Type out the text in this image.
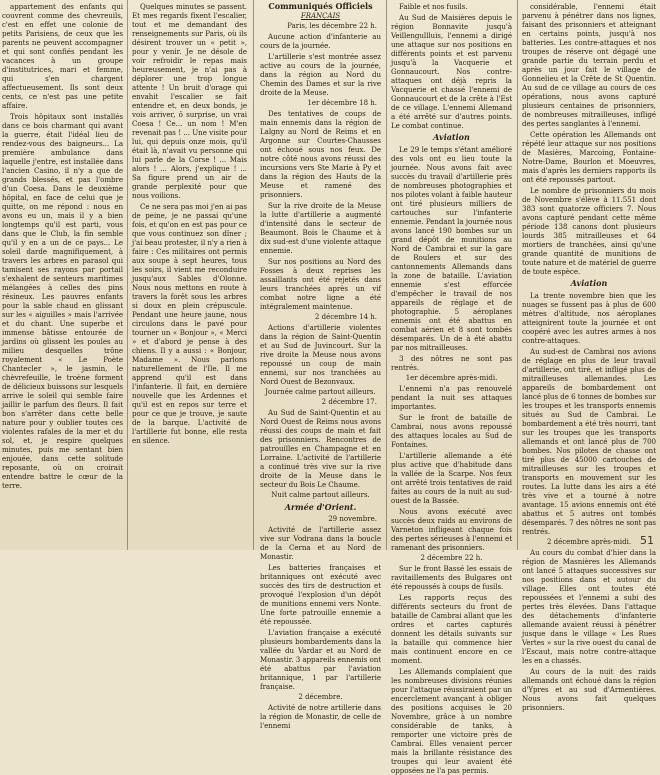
appartement des enfants qui couvrent comme des chevreuils, c'est en effet une colonie de petits Parisiens, de ceux que les parents ne peuvent accompagner et qui sont confiés pendant les vacances à un groupe d'institutrices, mari et femme, qui s'en chargent affectueusement. Ils sont deux cents, ce n'est pas une petite affaire.

Trois hôpitaux sont installés dans ce bois charmant qui avant la guerre, était l'idéal lieu de rendez-vous des baigneurs... La première ambulance dans laquelle j'entre, est installée dans l'ancien Casino, il n'y a que de grands blessés, et pas l'ombre d'un Coesa. Dans le deuxième hôpital, en face de celui que je quitte, on me répond : nous en avons eu un, mais il y a bien longtemps qu'il est parti, vous dans que le Club, la fin semble qu'il y en a un de ce pays... Le soleil darde magnifiquement, à travers les arbres en parasol qui tamisent ses rayons par portail s'exhalent de senteurs maritimes mélangées à celles des pins résineux. Les pauvres enfants pour la sable chaud en glissant sur les « aiguilles » mais l'arrivée et du chant. Une superbe et immense bâtisse entourée de jardins où glissent les poules au milieu desquelles trône royalement « Le Poète Chantecler », le jasmin, le chèvrefeuille, le troène forment de délicieux buissons sur lesquels arrive le soleil qui semble faire jaillir le parfum des fleurs. Il fait bon s'arrêter dans cette belle nature pour y oublier toutes ces violentes rafales de la mer et du sol, et, je respire quelques minutes, puis me sentant bien enjouée, dans cette solitude reposante, où on croirait entendre battre le cœur de la terre.

Quelques minutes se passent. Et mes regards fixent l'escalier, tout et me demandant des renseignements sur Paris, où ils désirent trouver un « petit », pour y venir. Je ne désole de voir refroidir le repas mais heureusement, je n'ai pas à déplorer une trop longue attente ! Un bruit d'orage qui envahit l'escalier se fait entendre et, en deux bonds, je vois arriver, ô surprise, un vrai Coesa ! Ce... un nom ! M'en revenait pas ! ... Une visite pour lui, qui depuis onze mois, qu'il était là, n'avait vu personne qui lui parle de la Corse ! ... Mais alors ! ... Alors, j'explique ! ... Sa figure prend un air de grande perplexité pour que nous voilions.

Ce ne sera pas moi j'en ai pas de peine, je ne passai qu'une fois, et qu'on en est pas pour ce que vous continuez son dîner ; j'ai beau protester, il n'y a rien à faire : Ces militaires ont permis aux soupe à sept heures, tous les soirs, il vient me reconduire jusqu'aux Sables d'Olonne. Nous nous mettons en route à travers la forêt sous les arbres si doux en plein crépuscule. Pendant une heure jaune, nous circulons dans le pavé pour tourner un « Bonjour », « Merci » et d'abord je pense à des chiens. Il y a aussi : « Bonjour, Madame ». Nous parlons naturellement de l'Ile. Il me apprend qu'il est dans l'infanterie. Il fait, en dernière nouvelle que les Ardennes et qu'il est en repos sur terre et pour ce que je trouve, je saute de la barque. L'activité de l'artillerie fut bonne, elle resta en silence.

Communiqués Officiels
FRANÇAIS
Paris, les décembre 22 h.

Aucune action d'infanterie au cours de la journée.

L'artillerie s'est montrée assez active au cours de la journée, dans la région au Nord du Chemin des Dames et sur la rive droite de la Meuse.

1er décembre 18 h.

Des tentatives de coups de main ennemis dans la région de Lalgny au Nord de Reims et en Argonne sur Courtes-Chausses ont échoué sous nos feux. De notre côté nous avons réussi des incursions vers Ste Marie à Py et dans la région des Hauts de la Meuse et ramené des prisonniers.

Sur la rive droite de la Meuse la lutte d'artillerie a augmenté d'intensité dans le secteur de Beaumont. Bois le Chaume et à dix sud-est d'une violente attaque ennemie.

Sur nos positions au Nord des Fosses à deux reprises les assaillants ont été rejetés dans leurs tranchées après un vif combat notre ligne a été intégralement maintenue.

2 décembre 14 h.

Actions d'artillerie violentes dans la région de Saint-Quentin et au Sud de Juvincourt. Sur la rive droite la Meuse nous avons repoussé un coup de main ennemi, sur nos tranchées au Nord Ouest de Bezonvaux.

Journée calme partout ailleurs.
2 décembre 17.

Au Sud de Saint-Quentin et au Nord Ouest de Reims nous avons réussi des coups de main et fait des prisonniers. Rencontres de patrouilles en Champagne et en Lorraine. L'activité de l'artillerie a continué très vive sur la rive droite de la Meuse dans le secteur du Bois Le Chaume.

Nuit calme partout ailleurs.
Armée d'Orient.
29 novembre.

Activité de l'artillerie assez vive sur Vodrana dans la boucle de la Cerna et au Nord de Monastir.

Les batteries françaises et britanniques ont exécuté avec succès des tirs de destruction et provoqué l'explosion d'un dépôt de munitions ennemi vers Nonte. Une forte patrouille ennemie a été repoussée.

L'aviation française a exécuté plusieurs bombardements dans la vallée du Vardar et au Nord de Monastir. 3 appareils ennemis ont été abattus par l'aviation britannique, 1 par l'artillerie française.

2 décembre.

Activité de notre artillerie dans la région de Monastir, de celle de l'ennemi

Faible et nos fusils.

Au Sud de Maisières depuis le région Bonnavite jusqu'à Veillengullluis, l'ennemi a dirigé une attaque sur nos positions en différents points et est parvenu jusqu'à la Vacquerie et Gonnaucourt. Nos contre-attaques ont déjà repris la Vacquerie et chassé l'ennemi de Gonnaucourt et de la crête à l'Est de ce village. L'ennemi Allemand a été arrêté sur d'autres points. Le combat continue.

Aviation

Le 29 le temps s'étant amélioré des vols ont eu lieu toute la journée. Nous avons fait avec succès du travail d'artillerie près de nombreuses photographies et nos pilotes volant à faible hauteur ont tiré plusieurs milliers de cartouches sur l'infanterie ennemie. Pendant la journée nous avons lancé 190 bombes sur un grand dépôt de munitions au Nord de Cambrai et sur la gare de Roulers et sur des cantonnements Allemands dans la zone de bataille. L'aviation ennemie s'est efforcée d'empêcher le travail de nos appareils de réglage et de photographie. 5 aéroplanes ennemis ont été abattus en combat aérien et 8 sont tombés désemparés. Un de à été abattu par nos mitrailleuses.

3 des nôtres ne sont pas rentrés.

1er décembre après-midi.

L'ennemi n'a pas renouvelé pendant la nuit ses attaques importantes.

Sur le front de bataille de Cambrai, nous avons repoussé des attaques locales au Sud de Fontaines.

L'artillerie allemande a été plus active que d'habitude dans la vallée de la Scarpe. Nos feux ont arrêté trois tentatives de raid faites au cours de la nuit au sud-ouest de la Bassée.

Nous avons exécuté avec succès deux raids au environs de Varneton infligeant chaque fois des pertes sérieuses à l'ennemi et ramenant des prisonniers.

2 décembre 22 h.

Sur le front Bassé les essais de ravitaillements des Bulgares ont été repoussés à coups de fusils.

Les rapports reçus des différents secteurs du front de bataille de Cambrai allant que les ordres et cartes capturés donnent les détails suivants sur la bataille qui commence hier mais continuent encore en ce moment.

Les Allemands complaient que les nombreuses divisions réunies pour l'attaque réussiraient par un encerclement avançant à obliger des positions acquises le 20 Novembre, grâce à un nombre considérable de tanks, à remporter une victoire près de Cambrai. Elles venaient percer mais la brillante résistance des troupes qui leur avaient été opposées ne l'a pas permis.

considérable, l'ennemi était parvenu à pénétrer dans nos lignes, faisant des prisonniers et atteignant en certains points, jusqu'à nos batteries. Les contre-attaques et nos troupes de réserve ont dégagé une grande partie du terrain perdu et après un jour fait le village de Gonnelieu et la Crête de St Quentin. Au sud de ce village au cours de ces opérations, nous avons capturé plusieurs centaines de prisonniers, de nombreuses mitrailleuses, infligé des pertes sanglantes à l'ennemi.

Cette opération les Allemands ont répété leur attaque sur nos positions de Masières, Marcoing, Fontaine-Notre-Dame, Bourlon et Moeuvres, mais d'après les derniers rapports ils ont été repoussés partout.

Le nombre de prisonniers du mois de Novembre s'élève à 11.551 dont 383 sont quatorze officiers 7. Nous avons capturé pendant cette même période 138 canons dont plusieurs lourds 385 mitrailleuses et 64 mortiers de tranchées, ainsi qu'une grande quantité de munitions de toute nature et de matériel de guerre de toute espèce.

Aviation

La trente novembre bien que les nuages se fussent pas à plus de 600 mètres d'altitude, nos aéroplanes atteignirent toute la journée et ont coopéré avec les autres armes à nos contre-attaques.

Au sud-est de Cambrai nos avions de réglage en plus de leur travail d'artillerie, ont tiré, et infligé plus de mitrailleuses allemandes. Les appareils de bombardement ont lancé plus de 6 tonnes de bombes sur les troupes et les transports ennemis situés au Sud de Cambrai. Le bombardement a été très nourri, tant sur les troupes que les transports allemands et ont lancé plus de 700 bombes. Nos pilotes de chasse ont tiré plus de 45000 cartouches de mitrailleuses sur les troupes et transports en mouvement sur les routes. La lutte dans les airs a été très vive et a tourné à notre avantage. 15 avions ennemis ont été abattus et 5 autres ont tombés désemparés. 7 des nôtres ne sont pas rentrés.

2 décembre après-midi.

Au cours du combat d'hier dans la région de Masnières les Allemands ont lancé 5 attaques successives sur nos positions dans et autour du village. Elles ont toutes été repoussées et l'ennemi a subi des pertes très élevées. Dans l'attaque des détachements d'infanterie allemande avaient réussi à pénétrer jusque dans le village « Les Rues Vertes » sur la rive ouest du canal de l'Escaut, mais notre contre-attaque les en a chassés.

Au cours de la nuit des raids allemands ont échoué dans la région d'Ypres et au sud d'Armentières. Nous avons fait quelques prisonniers.

51
